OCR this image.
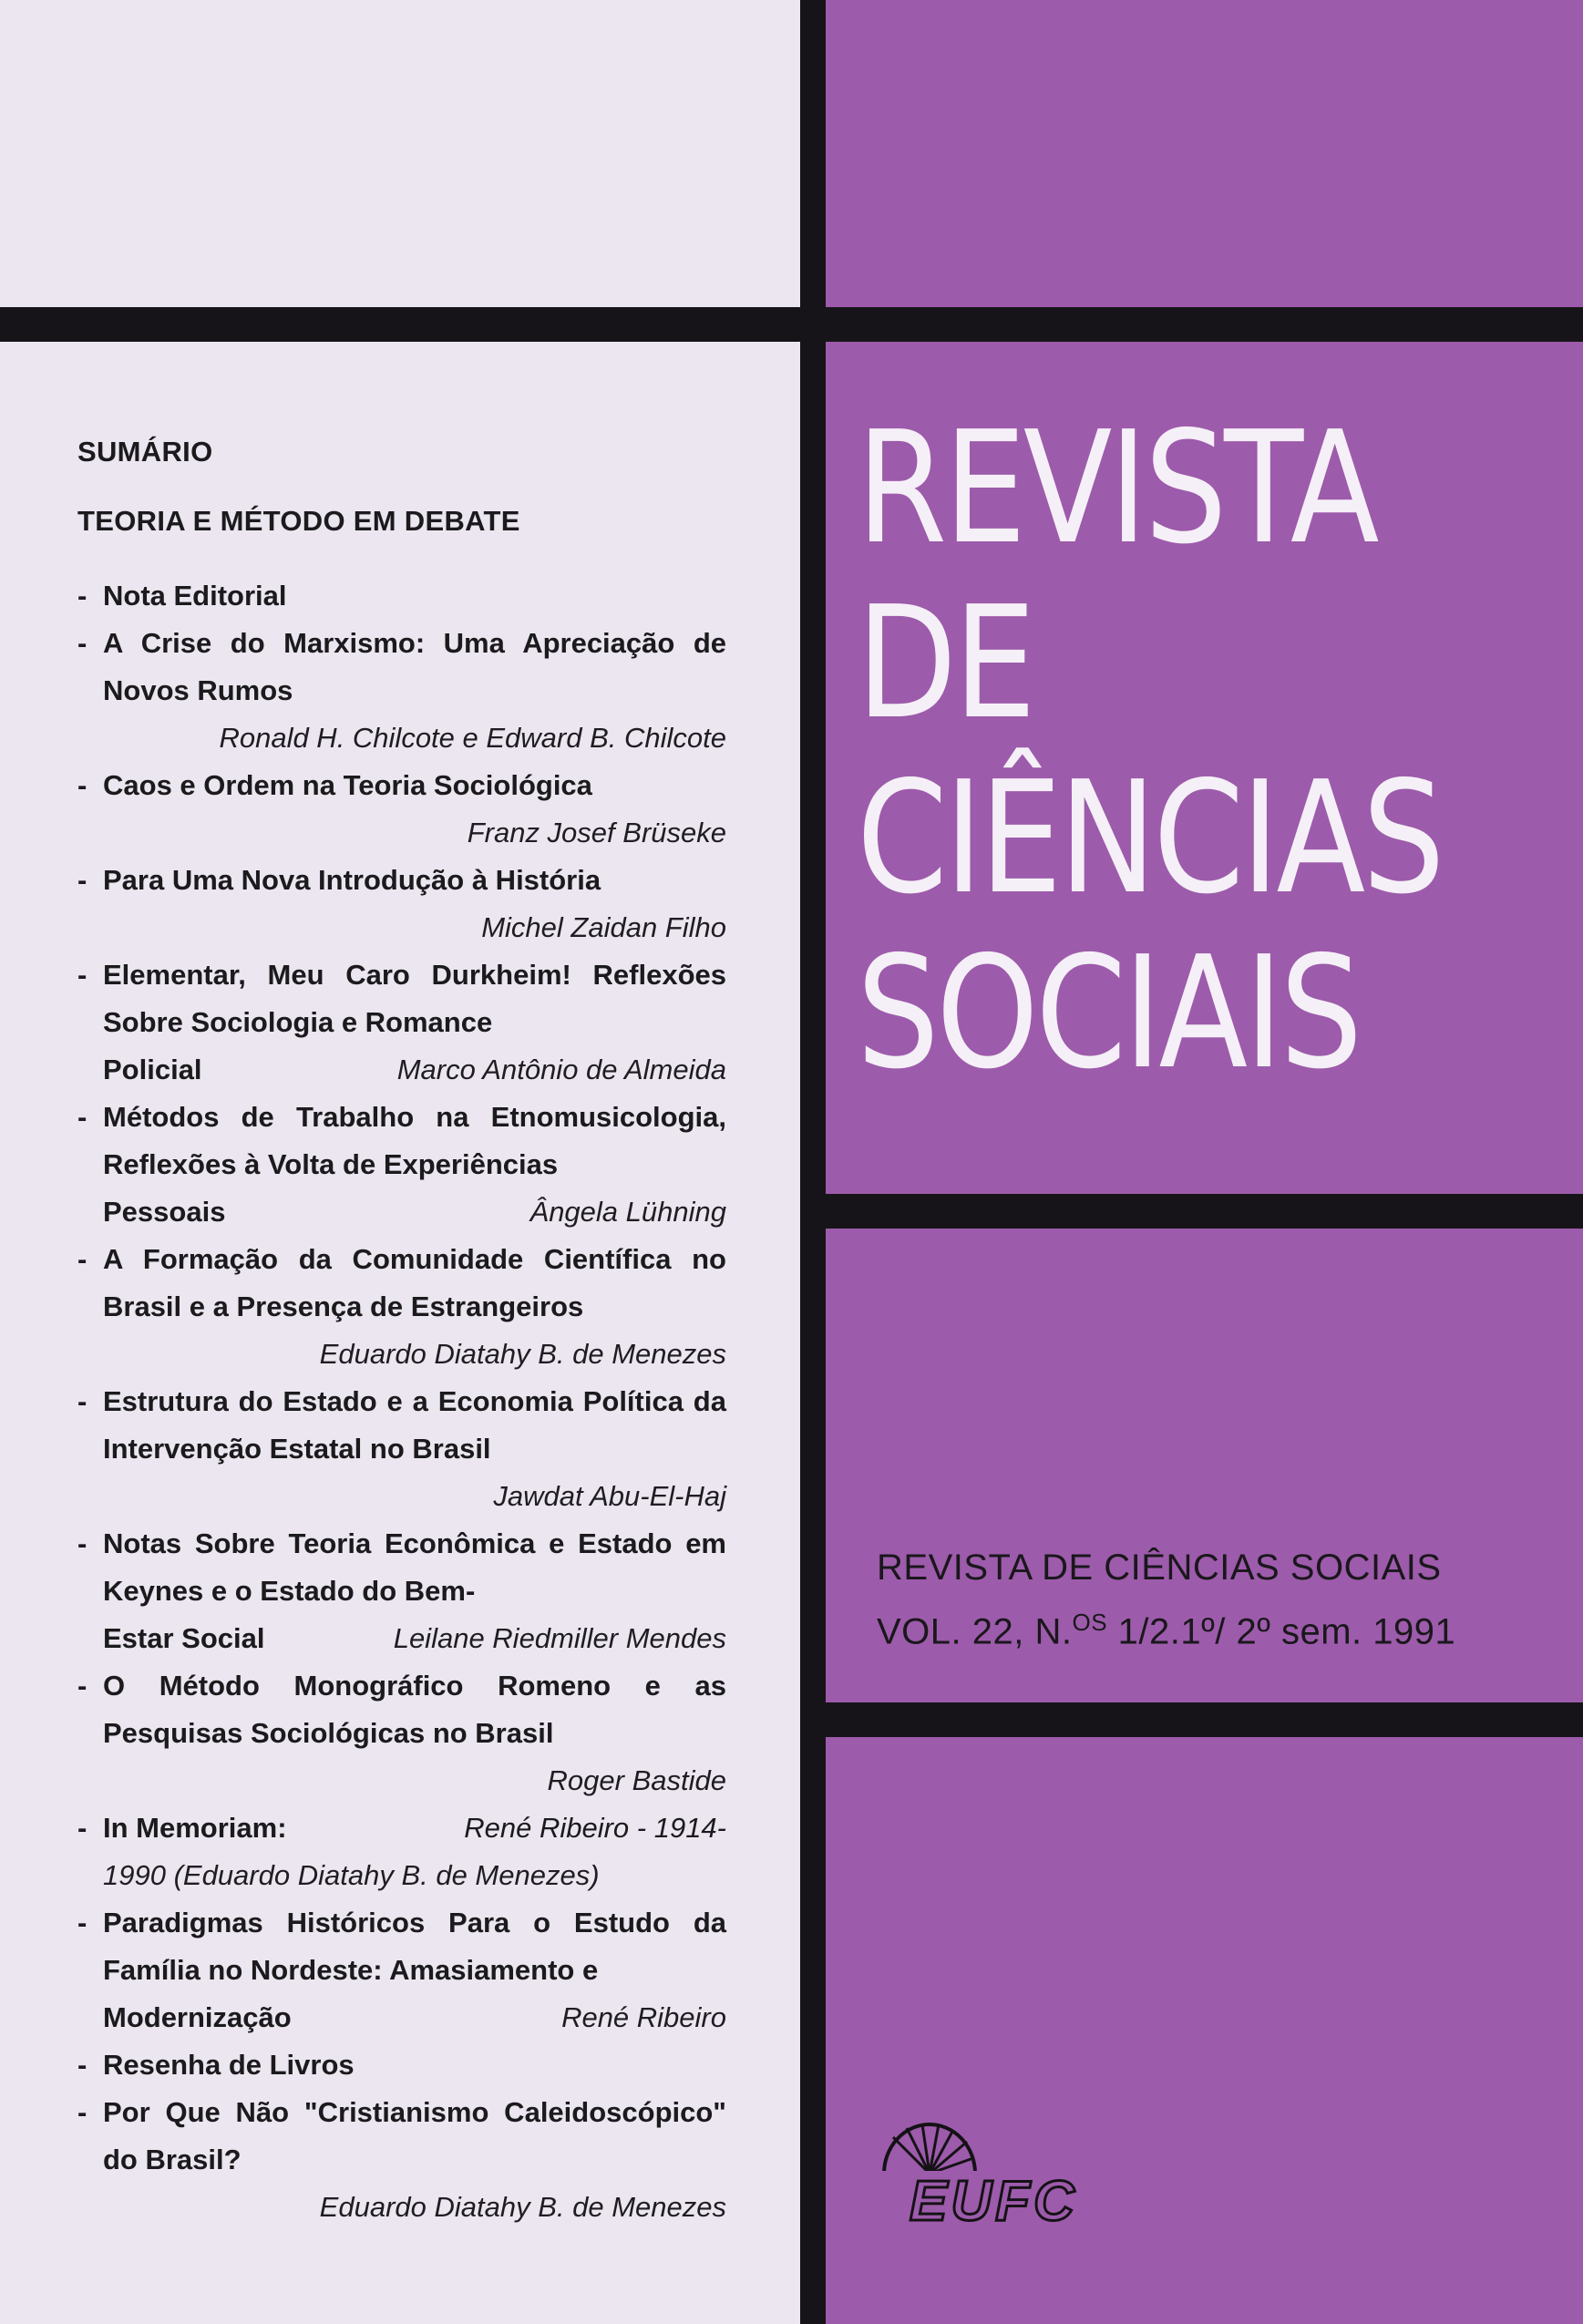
SUMÁRIO
TEORIA E MÉTODO EM DEBATE
- Nota Editorial
- A Crise do Marxismo: Uma Apreciação de Novos Rumos
Ronald H. Chilcote e Edward B. Chilcote
- Caos e Ordem na Teoria Sociológica
Franz Josef Brüseke
- Para Uma Nova Introdução à História
Michel Zaidan Filho
- Elementar, Meu Caro Durkheim! Reflexões Sobre Sociologia e Romance
Policial	Marco Antônio de Almeida
- Métodos de Trabalho na Etnomusicologia, Reflexões à Volta de Experiências
Pessoais	Ângela Lühning
- A Formação da Comunidade Científica no Brasil e a Presença de Estrangeiros
Eduardo Diatahy B. de Menezes
- Estrutura do Estado e a Economia Política da Intervenção Estatal no Brasil
Jawdat Abu-El-Haj
- Notas Sobre Teoria Econômica e Estado em Keynes e o Estado do Bem-
Estar Social	Leilane Riedmiller Mendes
- O Método Monográfico Romeno e as Pesquisas Sociológicas no Brasil
Roger Bastide
- In Memoriam:	René Ribeiro - 1914-
1990 (Eduardo Diatahy B. de Menezes)
- Paradigmas Históricos Para o Estudo da Família no Nordeste: Amasiamento e
Modernização	René Ribeiro
- Resenha de Livros
- Por Que Não "Cristianismo Caleidoscópico" do Brasil?
Eduardo Diatahy B. de Menezes
REVISTA
DE
CIÊNCIAS
SOCIAIS
REVISTA DE CIÊNCIAS SOCIAIS
VOL. 22, N.$^{OS}$ 1/2.1º/ 2º sem. 1991
EUFC
